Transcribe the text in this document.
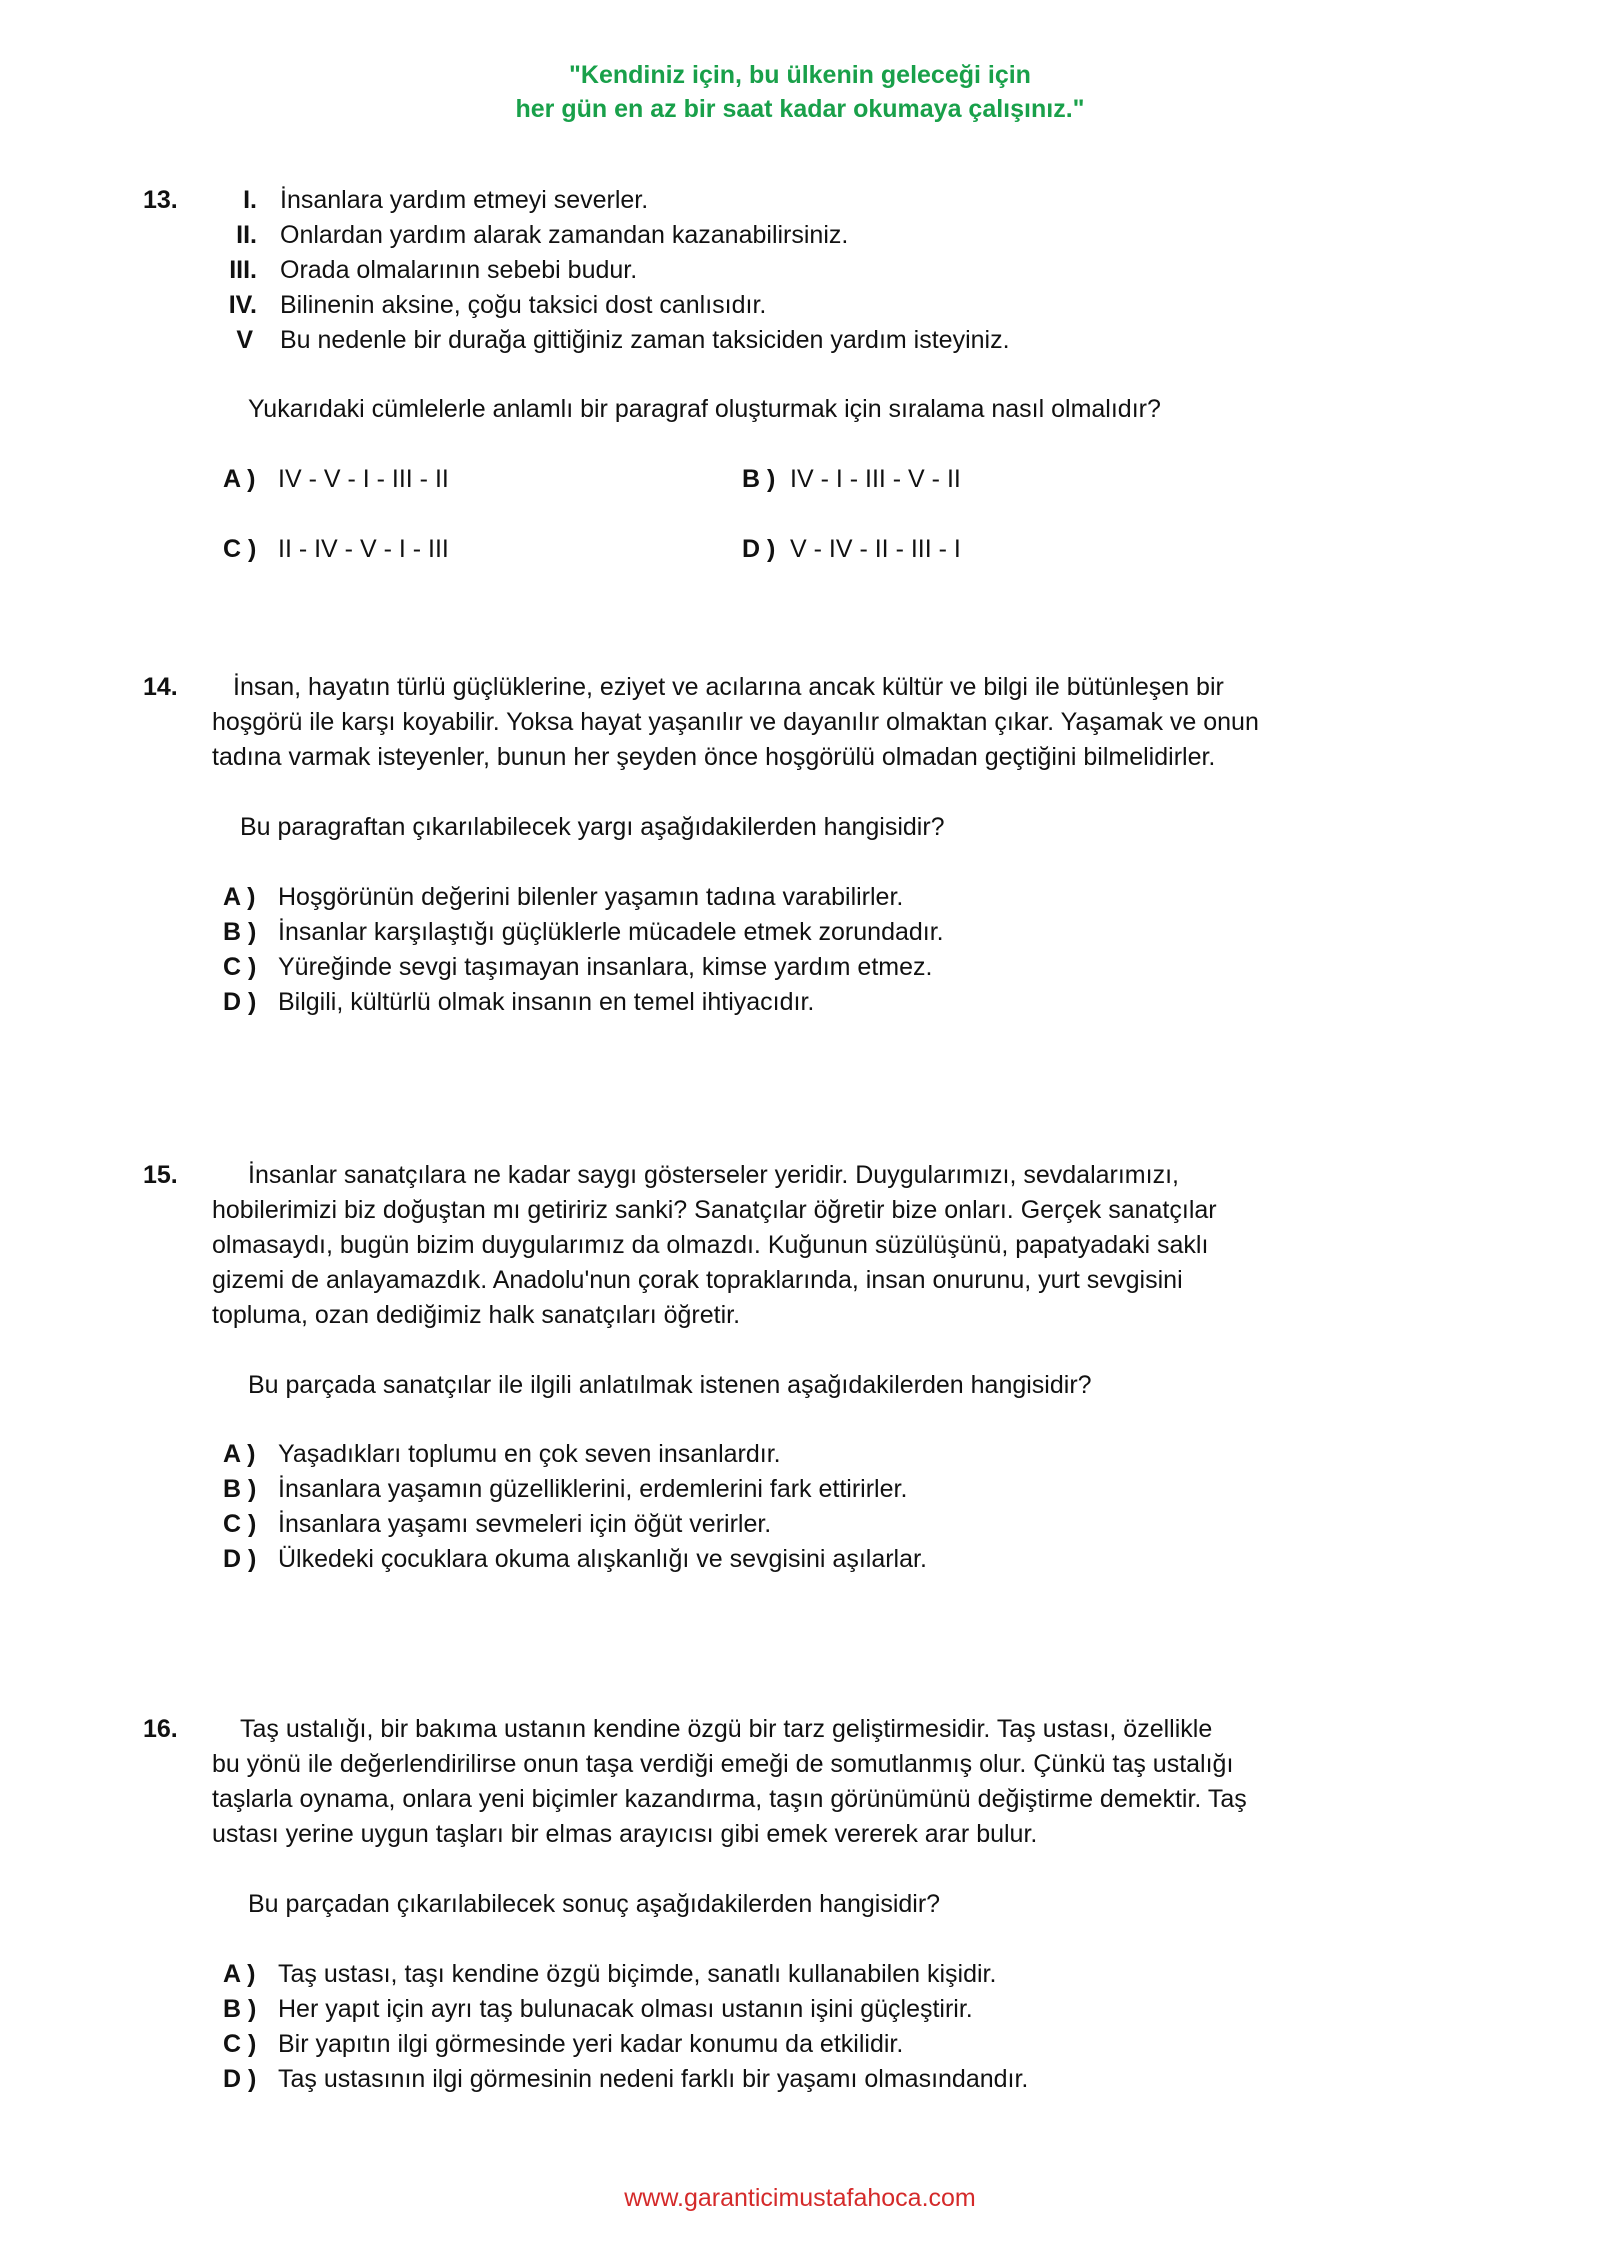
"Kendiniz için, bu ülkenin geleceği için
her gün en az bir saat kadar okumaya çalışınız."
13.	I. İnsanlara yardım etmeyi severler.
II. Onlardan yardım alarak zamandan kazanabilirsiniz.
III. Orada olmalarının sebebi budur.
IV. Bilinenin aksine, çoğu taksici dost canlısıdır.
V Bu nedenle bir durağa gittiğiniz zaman taksiciden yardım isteyiniz.
Yukarıdaki cümlelerle anlamlı bir paragraf oluşturmak için sıralama nasıl olmalıdır?
A ) IV - V - I - III - II	B ) IV - I - III - V - II
C ) II - IV - V - I - III	D ) V - IV - II - III - I
14. İnsan, hayatın türlü güçlüklerine, eziyet ve acılarına ancak kültür ve bilgi ile bütünleşen bir
hoşgörü ile karşı koyabilir. Yoksa hayat yaşanılır ve dayanılır olmaktan çıkar. Yaşamak ve onun
tadına varmak isteyenler, bunun her şeyden önce hoşgörülü olmadan geçtiğini bilmelidirler.
Bu paragraftan çıkarılabilecek yargı aşağıdakilerden hangisidir?
A ) Hoşgörünün değerini bilenler yaşamın tadına varabilirler.
B ) İnsanlar karşılaştığı güçlüklerle mücadele etmek zorundadır.
C ) Yüreğinde sevgi taşımayan insanlara, kimse yardım etmez.
D ) Bilgili, kültürlü olmak insanın en temel ihtiyacıdır.
15.	İnsanlar sanatçılara ne kadar saygı gösterseler yeridir. Duygularımızı, sevdalarımızı,
hobilerimizi biz doğuştan mı getiririz sanki? Sanatçılar öğretir bize onları. Gerçek sanatçılar
olmasaydı, bugün bizim duygularımız da olmazdı. Kuğunun süzülüşünü, papatyadaki saklı
gizemi de anlayamazdık. Anadolu'nun çorak topraklarında, insan onurunu, yurt sevgisini
topluma, ozan dediğimiz halk sanatçıları öğretir.
Bu parçada sanatçılar ile ilgili anlatılmak istenen aşağıdakilerden hangisidir?
A ) Yaşadıkları toplumu en çok seven insanlardır.
B ) İnsanlara yaşamın güzelliklerini, erdemlerini fark ettirirler.
C ) İnsanlara yaşamı sevmeleri için öğüt verirler.
D ) Ülkedeki çocuklara okuma alışkanlığı ve sevgisini aşılarlar.
16. Taş ustalığı, bir bakıma ustanın kendine özgü bir tarz geliştirmesidir. Taş ustası, özellikle
bu yönü ile değerlendirilirse onun taşa verdiği emeği de somutlanmış olur. Çünkü taş ustalığı
taşlarla oynama, onlara yeni biçimler kazandırma, taşın görünümünü değiştirme demektir. Taş
ustası yerine uygun taşları bir elmas arayıcısı gibi emek vererek arar bulur.
Bu parçadan çıkarılabilecek sonuç aşağıdakilerden hangisidir?
A ) Taş ustası, taşı kendine özgü biçimde, sanatlı kullanabilen kişidir.
B ) Her yapıt için ayrı taş bulunacak olması ustanın işini güçleştirir.
C ) Bir yapıtın ilgi görmesinde yeri kadar konumu da etkilidir.
D ) Taş ustasının ilgi görmesinin nedeni farklı bir yaşamı olmasındandır.
www.garanticimustafahoca.com
